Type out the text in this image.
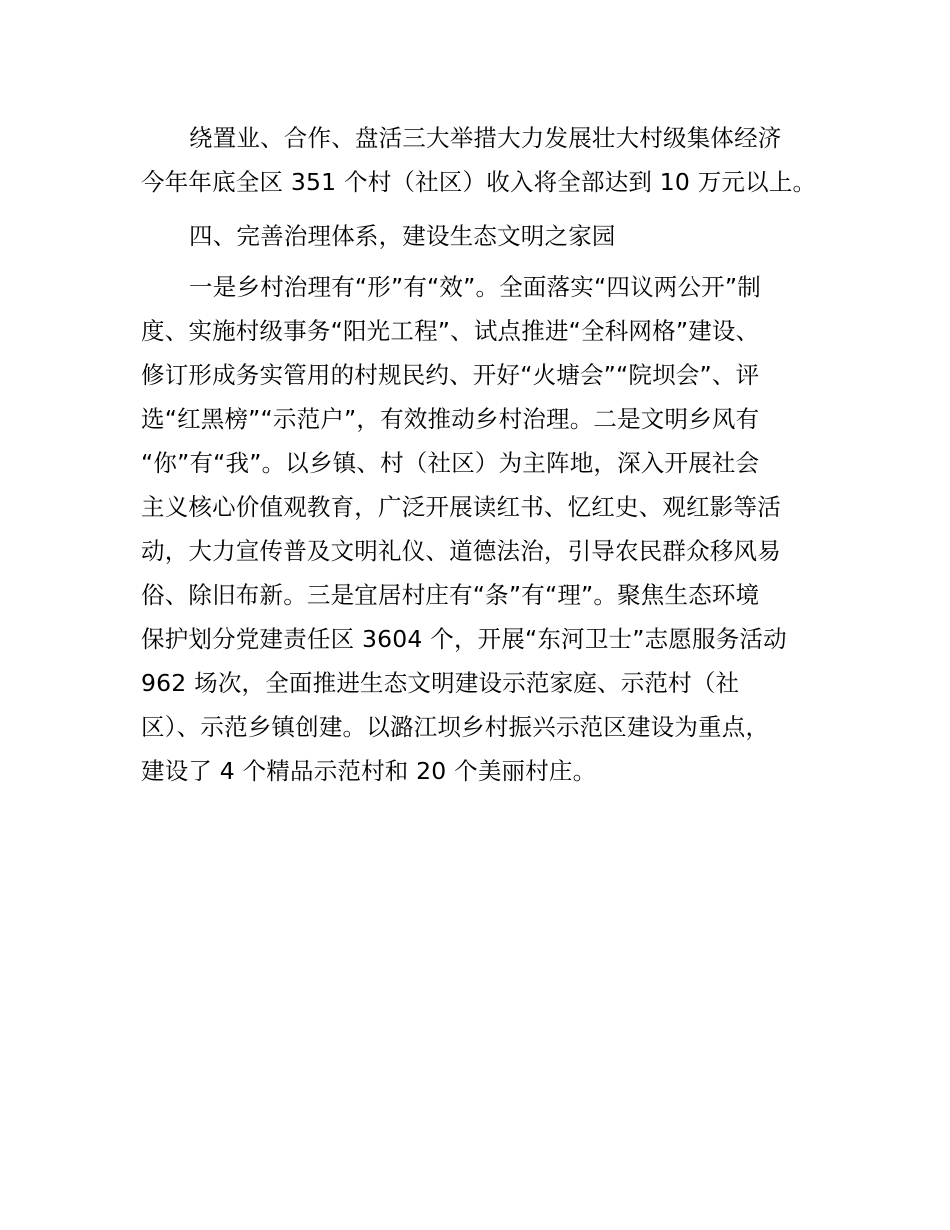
绕置业、合作、盘活三大举措大力发展壮大村级集体经济
今年年底全区 351 个村（社区）收入将全部达到 10 万元以上。
四、完善治理体系，建设生态文明之家园
一是乡村治理有“形”有“效”。全面落实“四议两公开”制
度、实施村级事务“阳光工程”、试点推进“全科网格”建设、
修订形成务实管用的村规民约、开好“火塘会”“院坝会”、评
选“红黑榜”“示范户”，有效推动乡村治理。二是文明乡风有
“你”有“我”。以乡镇、村（社区）为主阵地，深入开展社会
主义核心价值观教育，广泛开展读红书、忆红史、观红影等活
动，大力宣传普及文明礼仪、道德法治，引导农民群众移风易
俗、除旧布新。三是宜居村庄有“条”有“理”。聚焦生态环境
保护划分党建责任区 3604 个，开展“东河卫士”志愿服务活动
962 场次，全面推进生态文明建设示范家庭、示范村（社
区）、示范乡镇创建。以潞江坝乡村振兴示范区建设为重点，
建设了 4 个精品示范村和 20 个美丽村庄。
